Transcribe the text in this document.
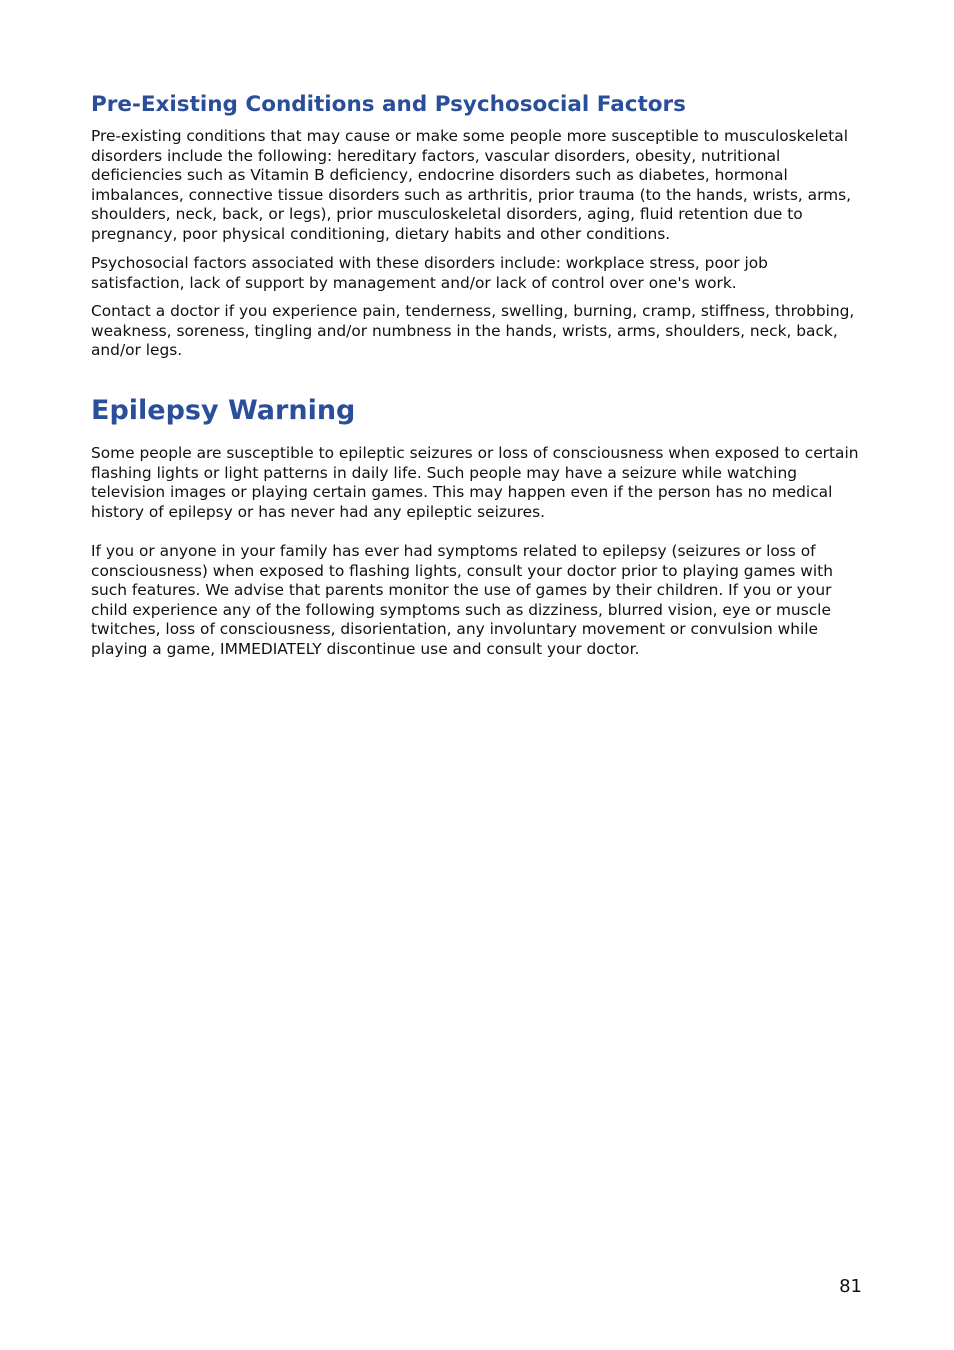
Pre-Existing Conditions and Psychosocial Factors

Pre-existing conditions that may cause or make some people more susceptible to musculoskeletal disorders include the following: hereditary factors, vascular disorders, obesity, nutritional deficiencies such as Vitamin B deficiency, endocrine disorders such as diabetes, hormonal imbalances, connective tissue disorders such as arthritis, prior trauma (to the hands, wrists, arms, shoulders, neck, back, or legs), prior musculoskeletal disorders, aging, fluid retention due to pregnancy, poor physical conditioning, dietary habits and other conditions.

Psychosocial factors associated with these disorders include: workplace stress, poor job satisfaction, lack of support by management and/or lack of control over one's work.

Contact a doctor if you experience pain, tenderness, swelling, burning, cramp, stiffness, throbbing, weakness, soreness, tingling and/or numbness in the hands, wrists, arms, shoulders, neck, back, and/or legs.

Epilepsy Warning

Some people are susceptible to epileptic seizures or loss of consciousness when exposed to certain flashing lights or light patterns in daily life. Such people may have a seizure while watching television images or playing certain games. This may happen even if the person has no medical history of epilepsy or has never had any epileptic seizures.

If you or anyone in your family has ever had symptoms related to epilepsy (seizures or loss of consciousness) when exposed to flashing lights, consult your doctor prior to playing games with such features. We advise that parents monitor the use of games by their children. If you or your child experience any of the following symptoms such as dizziness, blurred vision, eye or muscle twitches, loss of consciousness, disorientation, any involuntary movement or convulsion while playing a game, IMMEDIATELY discontinue use and consult your doctor.

81
